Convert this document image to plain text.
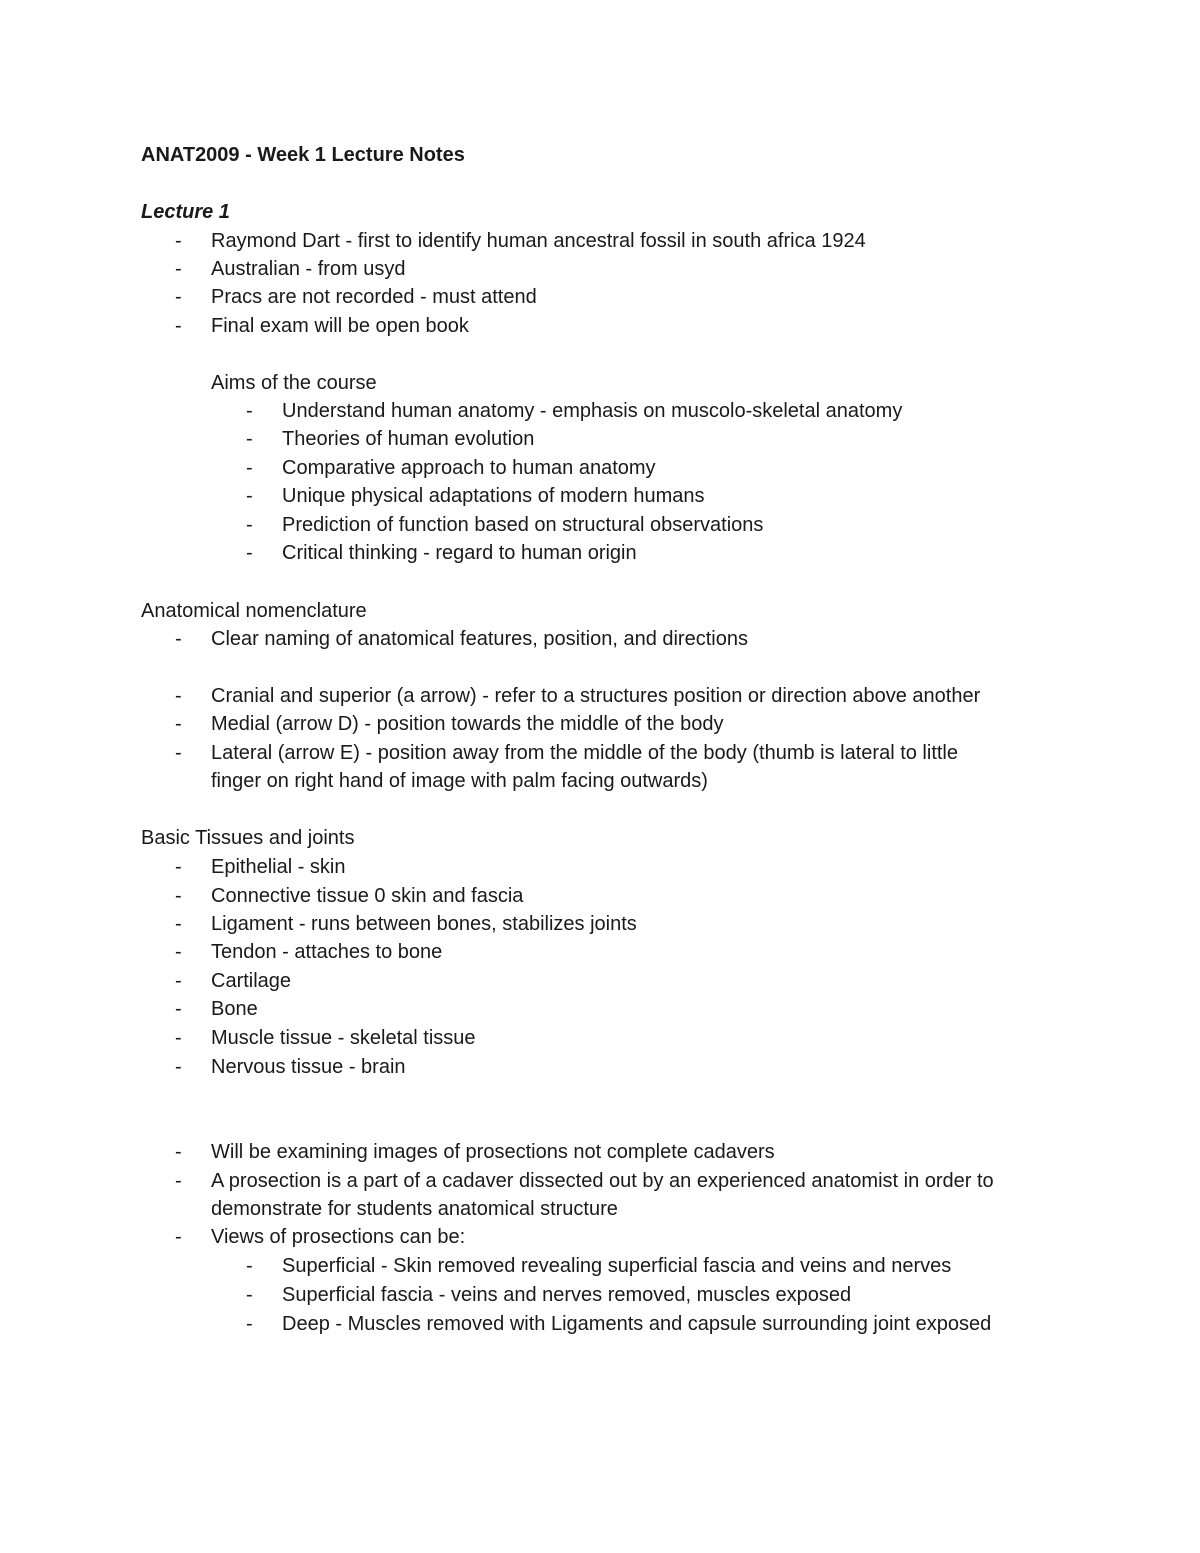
ANAT2009 - Week 1 Lecture Notes
Lecture 1
-	Raymond Dart - first to identify human ancestral fossil in south africa 1924
-	Australian - from usyd
-	Pracs are not recorded - must attend
-	Final exam will be open book
Aims of the course
-	Understand human anatomy - emphasis on muscolo-skeletal anatomy
-	Theories of human evolution
-	Comparative approach to human anatomy
-	Unique physical adaptations of modern humans
-	Prediction of function based on structural observations
-	Critical thinking - regard to human origin
Anatomical nomenclature
-	Clear naming of anatomical features, position, and directions
-	Cranial and superior (a arrow) - refer to a structures position or direction above another
-	Medial (arrow D) - position towards the middle of the body
-	Lateral (arrow E) - position away from the middle of the body (thumb is lateral to little
finger on right hand of image with palm facing outwards)
Basic Tissues and joints
-	Epithelial - skin
-	Connective tissue 0 skin and fascia
-	Ligament - runs between bones, stabilizes joints
-	Tendon - attaches to bone
-	Cartilage
-	Bone
-	Muscle tissue - skeletal tissue
-	Nervous tissue - brain
-	Will be examining images of prosections not complete cadavers
-	A prosection is a part of a cadaver dissected out by an experienced anatomist in order to
demonstrate for students anatomical structure
-	Views of prosections can be:
-	Superficial - Skin removed revealing superficial fascia and veins and nerves
-	Superficial fascia - veins and nerves removed, muscles exposed
-	Deep - Muscles removed with Ligaments and capsule surrounding joint exposed
